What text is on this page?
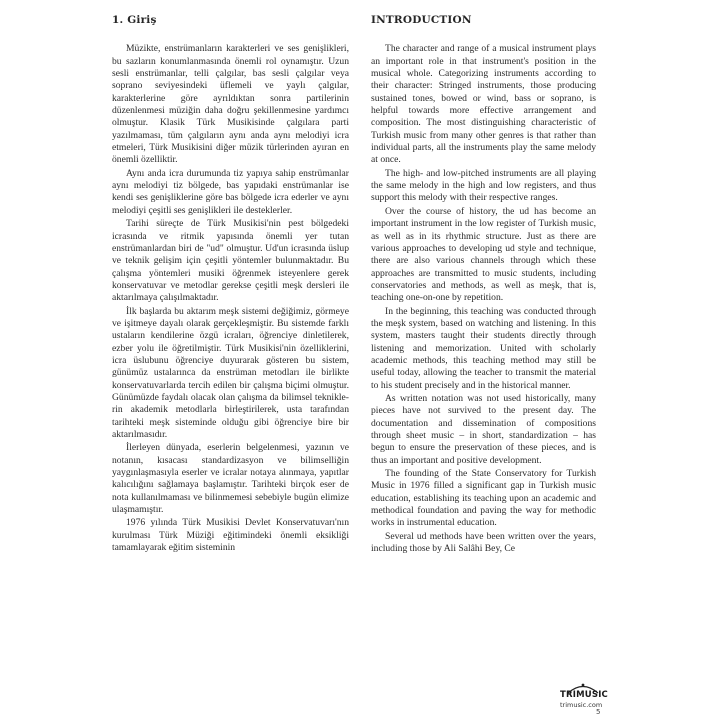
1. Giriş

Müzikte, enstrümanların karakterleri ve ses genişlikleri, bu sazların konumlanmasında önemli rol oynamıştır. Uzun sesli enstrümanlar, telli çalgılar, bas sesli çalgılar veya soprano seviyesindeki üflemeli ve yaylı çalgılar, karakterlerine göre ayrıldıktan sonra partilerinin düzenlenmesi müziğin daha doğru şekillenmesine yardımcı olmuştur. Klasik Türk Musikisinde çalgılara parti yazılmaması, tüm çalgıların aynı anda aynı melodiyi icra etmeleri, Türk Musikisini diğer müzik türlerinden ayıran en önemli özelliktir.

Aynı anda icra durumunda tiz yapıya sahip enstrümanlar aynı melodiyi tiz bölgede, bas yapıdaki enstrümanlar ise kendi ses genişliklerine göre bas bölgede icra ederler ve aynı melodiyi çeşitli ses genişlikleri ile desteklerler.

Tarihi süreçte de Türk Musikisi'nin pest bölgedeki icrasında ve ritmik yapısında önemli yer tutan enstrümanlardan biri de "ud" olmuştur. Ud'un icrasında üslup ve teknik gelişim için çeşitli yöntemler bulunmaktadır. Bu çalışma yöntemleri musiki öğrenmek isteyenlere gerek konservatuvar ve metodlar gerekse çeşitli meşk dersleri ile aktarılmaya çalışılmaktadır.

İlk başlarda bu aktarım meşk sistemi değiğimiz, görmeye ve işitmeye dayalı olarak gerçekleşmiştir. Bu sistemde farklı ustaların kendilerine özgü icraları, öğrenciye dinletilerek, ezber yolu ile öğretilmiştir. Türk Musikisi'nin özelliklerini, icra üslubunu öğrenciye duyurarak gösteren bu sistem, günümüz ustalarınca da enstrüman metodları ile birlikte konservatuvarlarda tercih edilen bir çalışma biçimi olmuştur. Günümüzde faydalı olacak olan çalışma da bilimsel teknikle-rin akademik metodlarla birleştirilerek, usta tarafından tarihteki meşk sisteminde olduğu gibi öğrenciye bire bir aktarılmasıdır.

İlerleyen dünyada, eserlerin belgelenmesi, yazının ve notanın, kısacası standardizasyon ve bilimselliğin yaygınlaşmasıyla eserler ve icralar notaya alınmaya, yapıtlar kalıcılığını sağlamaya başlamıştır. Tarihteki birçok eser de nota kullanılmaması ve bilinmemesi sebebiyle bugün elimize ulaşmamıştır.

1976 yılında Türk Musikisi Devlet Konservatuvarı'nın kurulması Türk Müziği eğitimindeki önemli eksikliği tamamlayarak eğitim sisteminin

INTRODUCTION

The character and range of a musical instrument plays an important role in that instrument's position in the musical whole. Categorizing instruments according to their character: Stringed instruments, those producing sustained tones, bowed or wind, bass or soprano, is helpful towards more effective arrangement and composition. The most distinguishing characteristic of Turkish music from many other genres is that rather than individual parts, all the instruments play the same melody at once.

The high- and low-pitched instruments are all playing the same melody in the high and low registers, and thus support this melody with their respective ranges.

Over the course of history, the ud has become an important instrument in the low register of Turkish music, as well as in its rhythmic structure. Just as there are various approaches to developing ud style and technique, there are also various channels through which these approaches are transmitted to music students, including conservatories and methods, as well as meşk, that is, teaching one-on-one by repetition.

In the beginning, this teaching was conducted through the meşk system, based on watching and listening. In this system, masters taught their students directly through listening and memorization. United with scholarly academic methods, this teaching method may still be useful today, allowing the teacher to transmit the material to his student precisely and in the historical manner.

As written notation was not used historically, many pieces have not survived to the present day. The documentation and dissemination of compositions through sheet music – in short, standardization – has begun to ensure the preservation of these pieces, and is thus an important and positive development.

The founding of the State Conservatory for Turkish Music in 1976 filled a significant gap in Turkish music education, establishing its teaching upon an academic and methodical foundation and paving the way for methodic works in instrumental education.

Several ud methods have been written over the years, including those by Ali Salâhi Bey, Ce

TRIMUSIC
trimusic.com
5
